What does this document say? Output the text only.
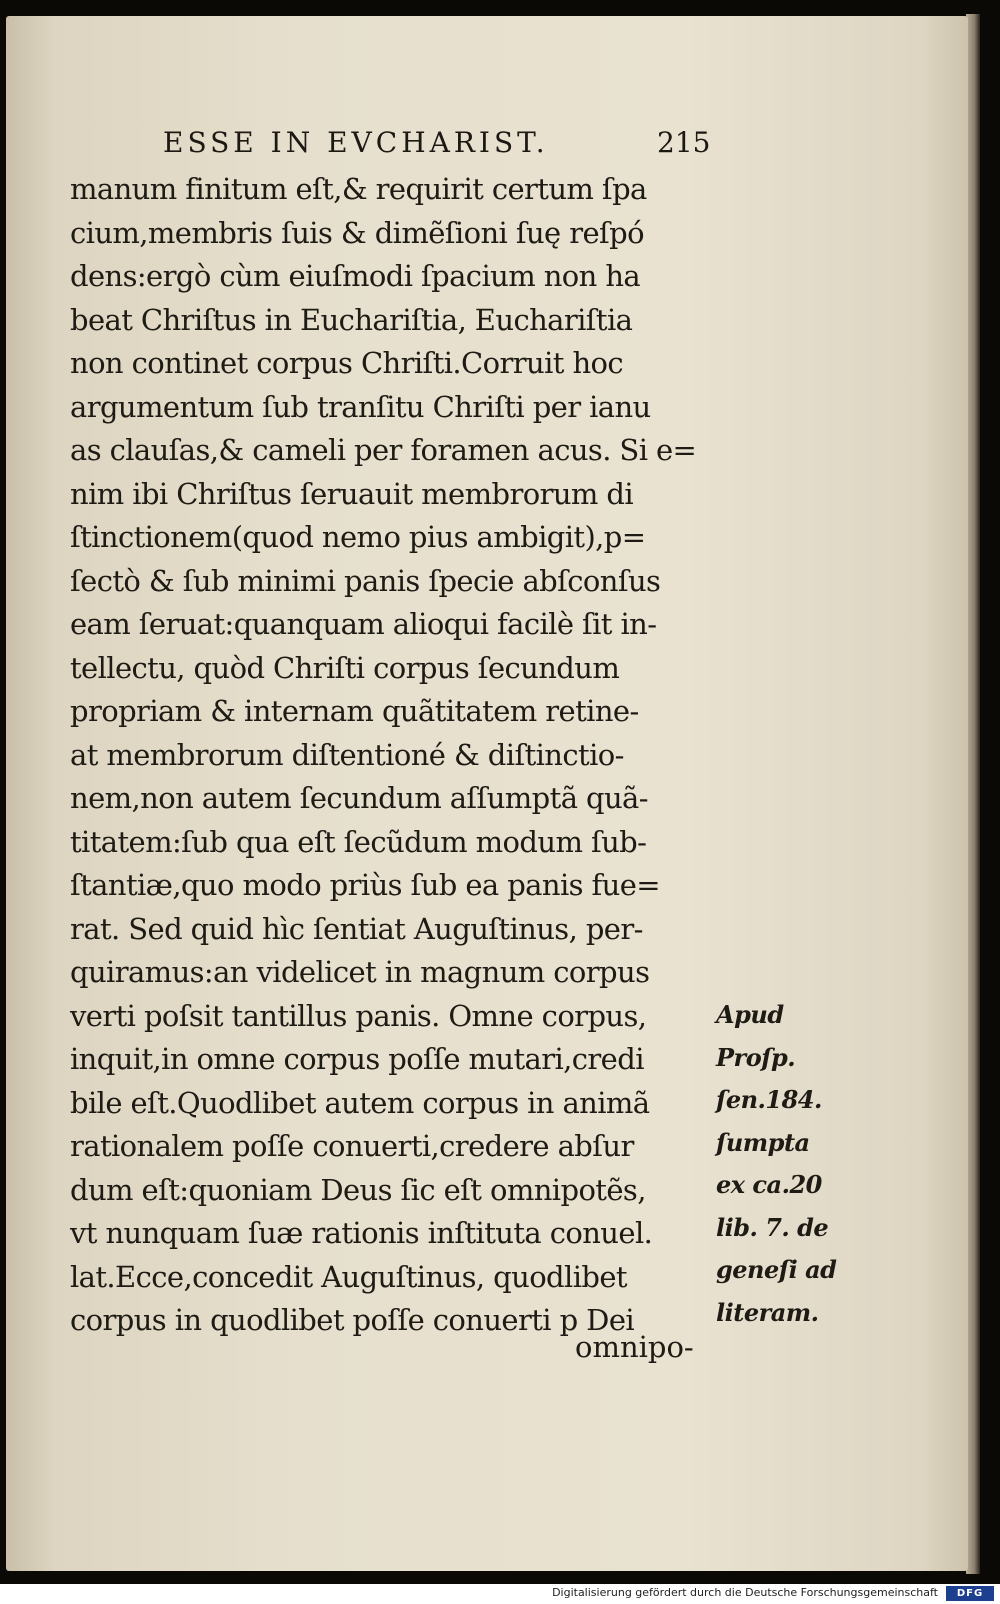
ESSE IN EVCHARIST.	215
manum finitum eſt,& requirit certum ſpa
cium,membris ſuis & dimẽſioni ſuę reſpó
dens:ergò cùm eiuſmodi ſpacium non ha
beat Chriſtus in Euchariſtia, Euchariſtia
non continet corpus Chriſti.Corruit hoc
argumentum ſub tranſitu Chriſti per ianu
as clauſas,& cameli per foramen acus. Si e=
nim ibi Chriſtus ſeruauit membrorum di
ſtinctionem(quod nemo pius ambigit),p=
ſectò & ſub minimi panis ſpecie abſconſus
eam ſeruat:quanquam alioqui facilè ſit in-
tellectu, quòd Chriſti corpus ſecundum
propriam & internam quãtitatem retine-
at membrorum diſtentioné & diſtinctio-
nem,non autem ſecundum aſſumptã quã-
titatem:ſub qua eſt ſecũdum modum ſub-
ſtantiæ,quo modo priùs ſub ea panis fue=
rat. Sed quid hìc ſentiat Auguſtinus, per-
quiramus:an videlicet in magnum corpus
verti poſsit tantillus panis. Omne corpus,
inquit,in omne corpus poſſe mutari,credi
bile eſt.Quodlibet autem corpus in animã
rationalem poſſe conuerti,credere abſur
dum eſt:quoniam Deus ſic eſt omnipotẽs,
vt nunquam ſuæ rationis inſtituta conuel.
lat.Ecce,concedit Auguſtinus, quodlibet
corpus in quodlibet poſſe conuerti p Dei
Apud
Proſp.
ſen.184.
ſumpta
ex ca.20
lib. 7. de
geneſi ad
literam.
omnipo-
Digitalisierung gefördert durch die Deutsche Forschungsgemeinschaft	DFG
